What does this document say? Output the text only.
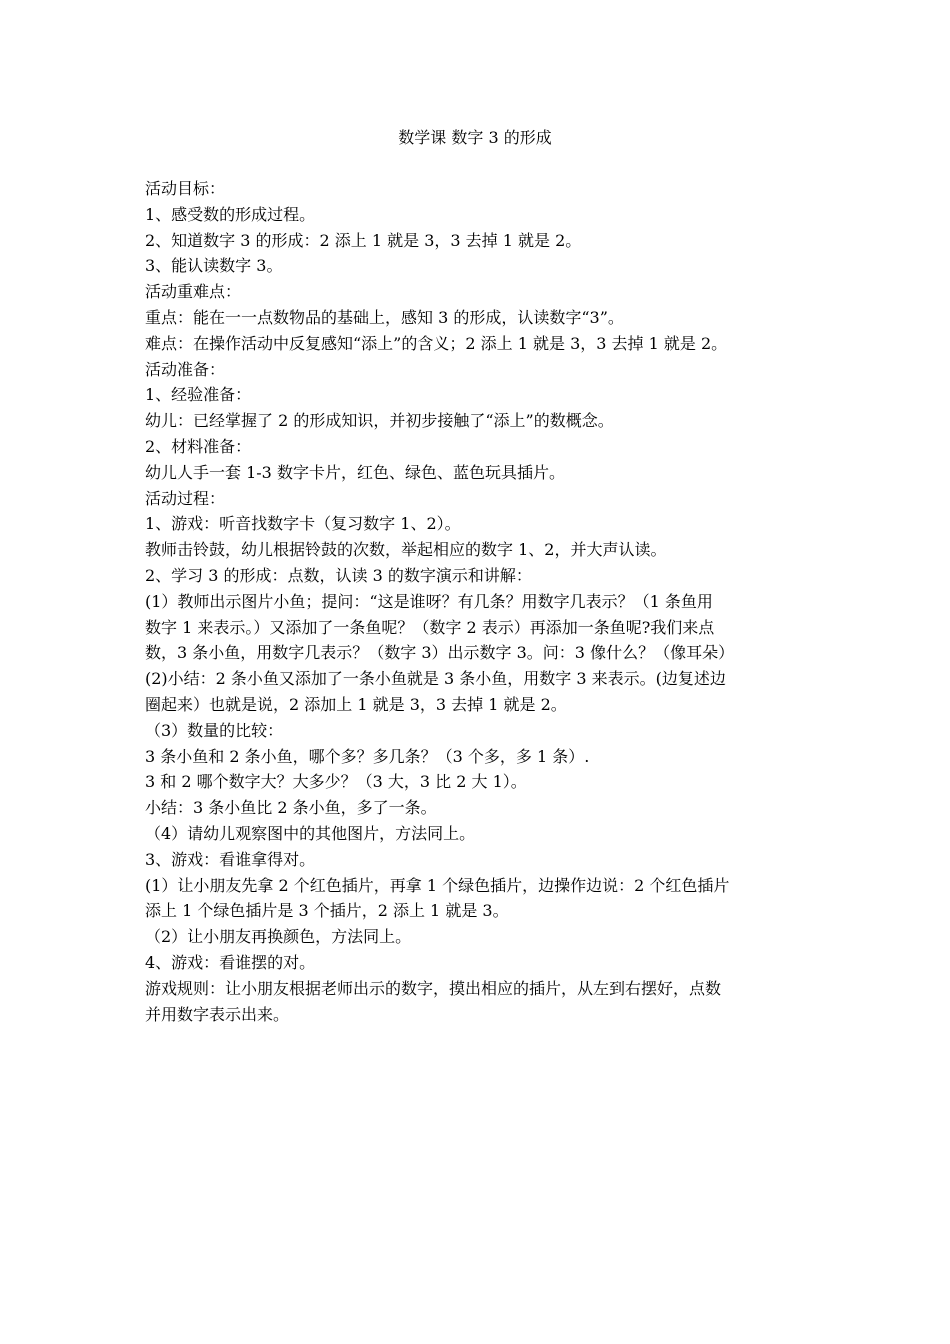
数学课 数字 3 的形成
活动目标：
1、感受数的形成过程。
2、知道数字 3 的形成：2 添上 1 就是 3，3 去掉 1 就是 2。
3、能认读数字 3。
活动重难点：
重点：能在一一点数物品的基础上，感知 3 的形成，认读数字“3”。
难点：在操作活动中反复感知“添上”的含义；2 添上 1 就是 3，3 去掉 1 就是 2。
活动准备：
1、经验准备：
幼儿：已经掌握了 2 的形成知识，并初步接触了“添上”的数概念。
2、材料准备：
幼儿人手一套 1-3 数字卡片，红色、绿色、蓝色玩具插片。
活动过程：
1、游戏：听音找数字卡（复习数字 1、2）。
教师击铃鼓，幼儿根据铃鼓的次数，举起相应的数字 1、2，并大声认读。
2、学习 3 的形成：点数，认读 3 的数字演示和讲解：
(1）教师出示图片小鱼；提问：“这是谁呀？有几条？用数字几表示？（1 条鱼用
数字 1 来表示。）又添加了一条鱼呢？（数字 2 表示）再添加一条鱼呢?我们来点
数，3 条小鱼，用数字几表示？（数字 3）出示数字 3。问：3 像什么？（像耳朵）
(2)小结：2 条小鱼又添加了一条小鱼就是 3 条小鱼，用数字 3 来表示。(边复述边
圈起来）也就是说，2 添加上 1 就是 3，3 去掉 1 就是 2。
（3）数量的比较：
3 条小鱼和 2 条小鱼，哪个多？多几条？（3 个多，多 1 条）.
3 和 2 哪个数字大？大多少？（3 大，3 比 2 大 1）。
小结：3 条小鱼比 2 条小鱼，多了一条。
（4）请幼儿观察图中的其他图片，方法同上。
3、游戏：看谁拿得对。
(1）让小朋友先拿 2 个红色插片，再拿 1 个绿色插片，边操作边说：2 个红色插片
添上 1 个绿色插片是 3 个插片，2 添上 1 就是 3。
（2）让小朋友再换颜色，方法同上。
4、游戏：看谁摆的对。
游戏规则：让小朋友根据老师出示的数字，摸出相应的插片，从左到右摆好，点数
并用数字表示出来。
